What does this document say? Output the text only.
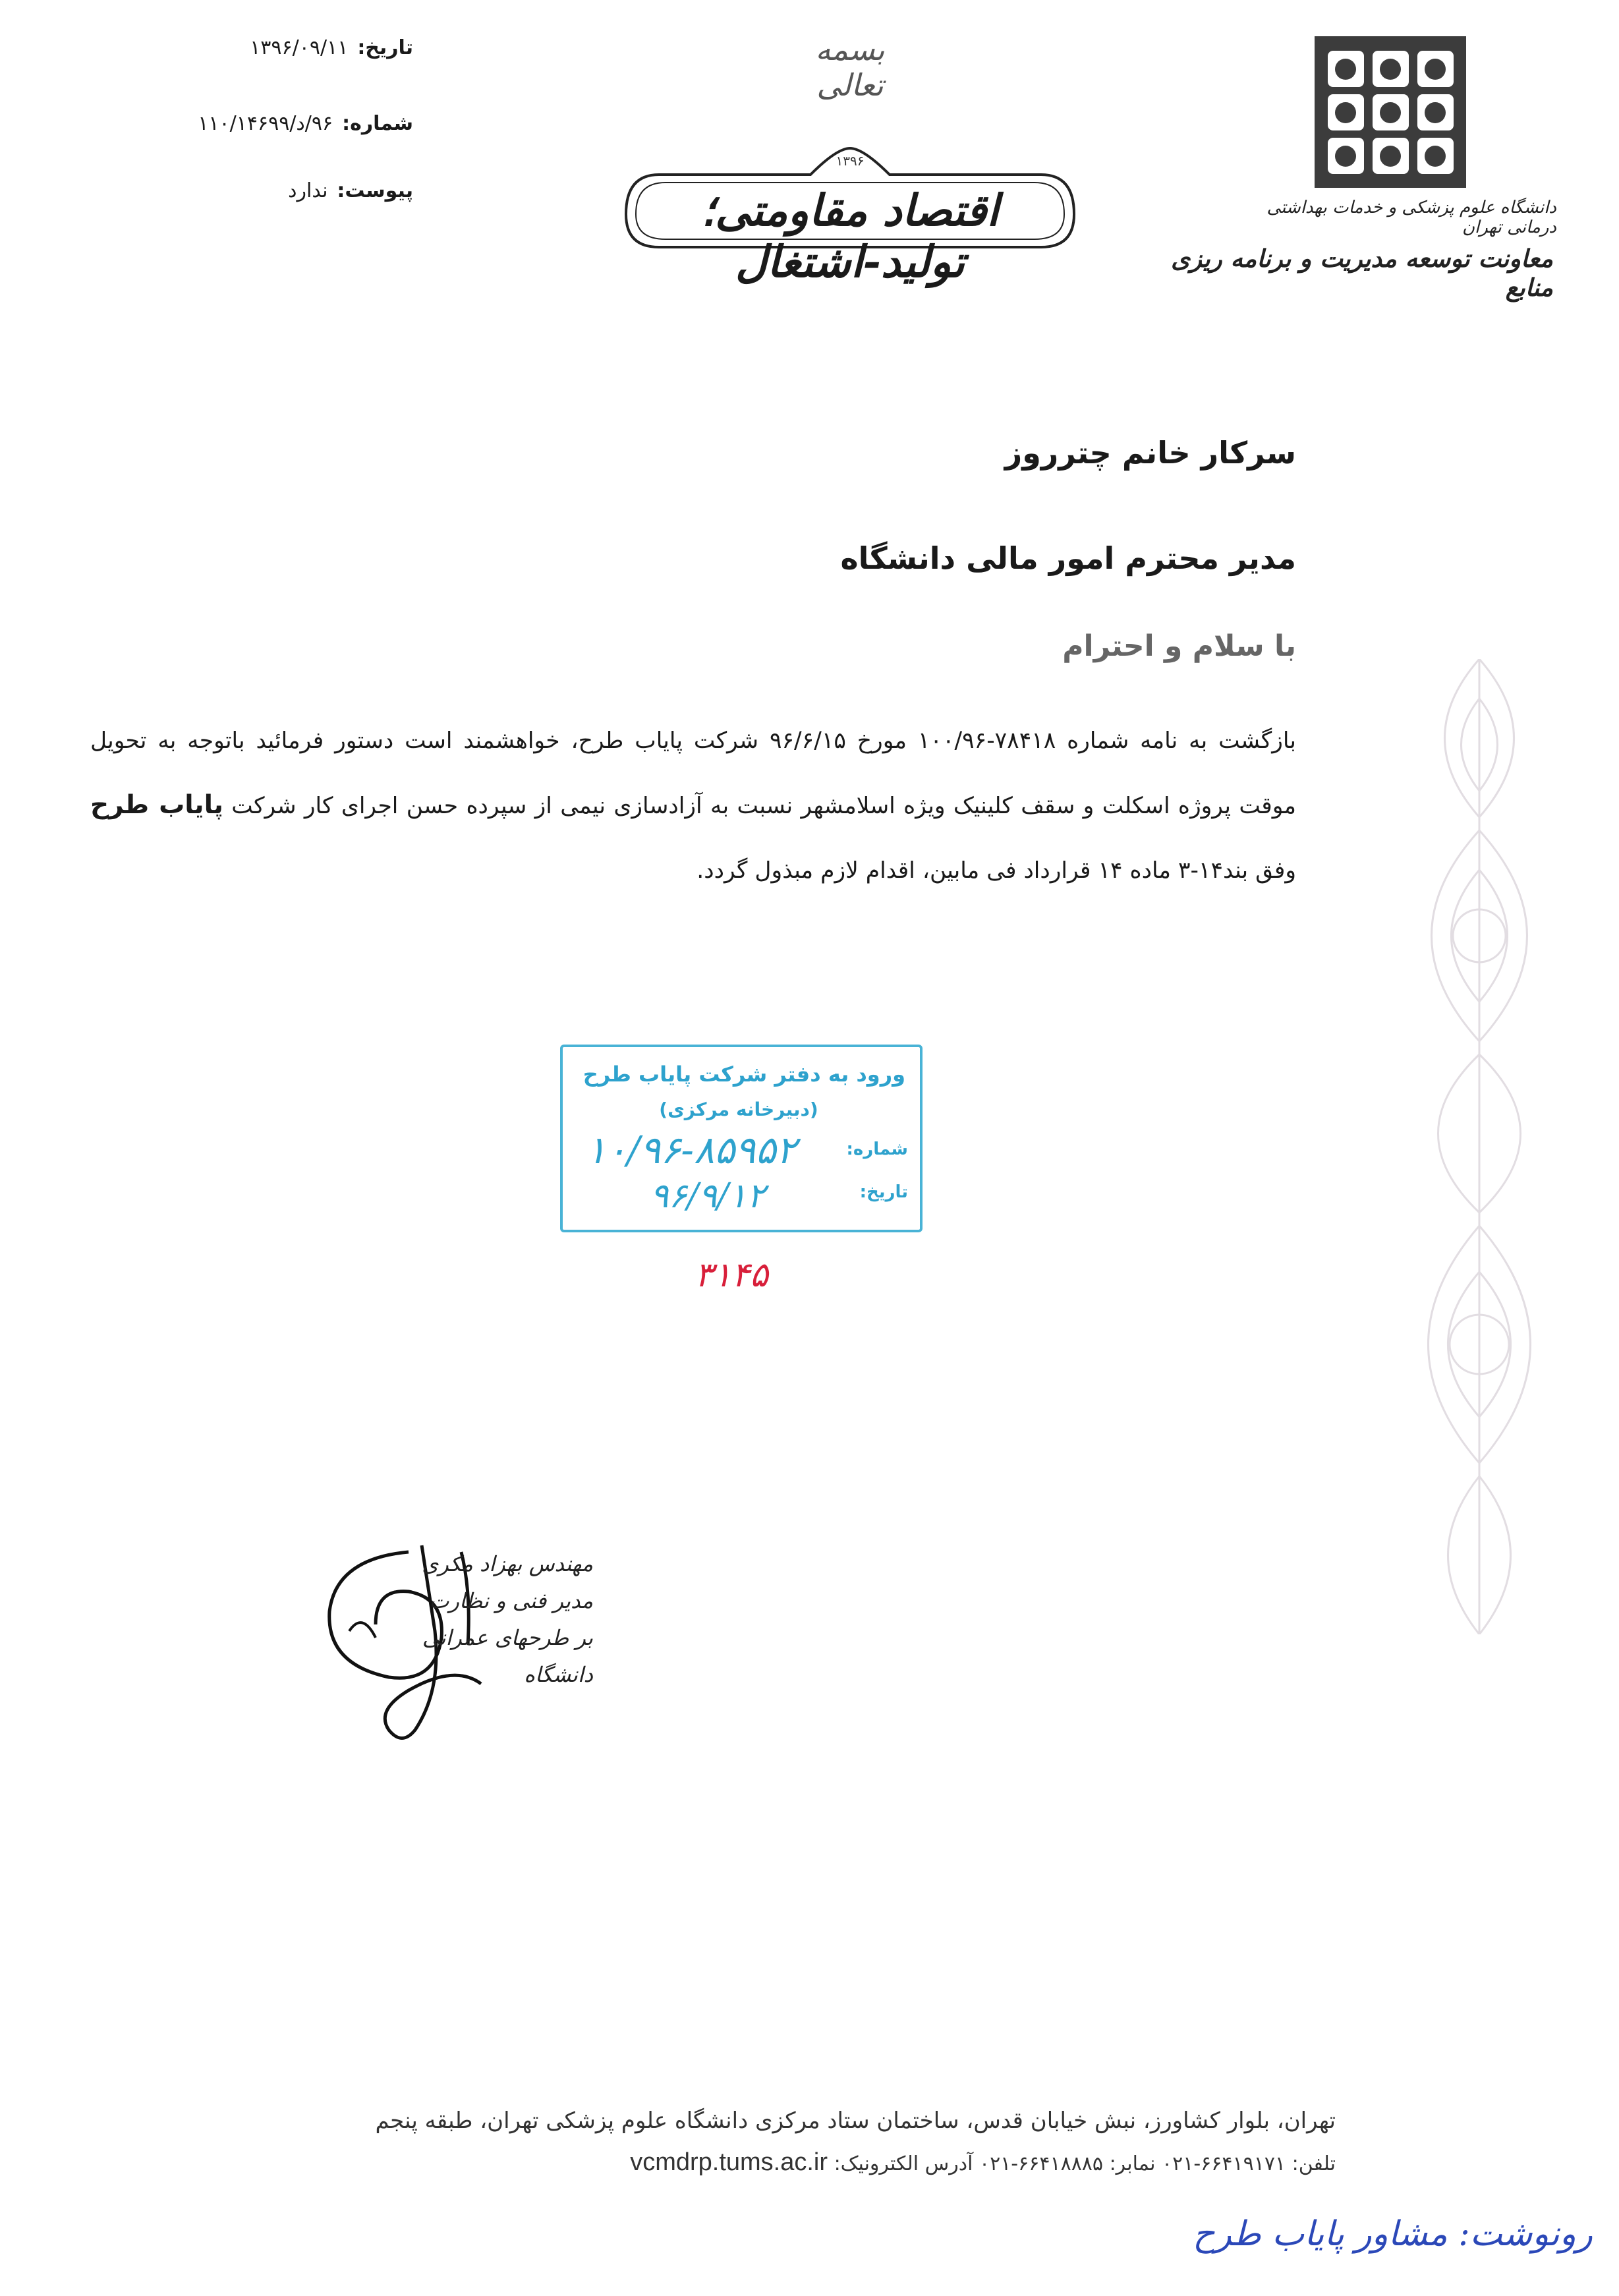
دانشگاه علوم پزشکی و خدمات بهداشتی درمانی تهران
معاونت توسعه مدیریت و برنامه ریزی منابع
بسمه تعالی
۱۳۹۶
اقتصاد مقاومتی؛ تولید-اشتغال
تاریخ:۱۳۹۶/۰۹/۱۱
شماره:۹۶/د/۱۱۰/۱۴۶۹۹
پیوست:ندارد
سرکار خانم چترروز
مدیر محترم امور مالی دانشگاه
با سلام و احترام
بازگشت به نامه شماره ۷۸۴۱۸-۱۰۰/۹۶ مورخ ۹۶/۶/۱۵ شرکت پایاب طرح، خواهشمند است دستور فرمائید باتوجه به تحویل موقت پروژه اسکلت و سقف کلینیک ویژه اسلامشهر نسبت به آزادسازی نیمی از سپرده حسن اجرای کار شرکت پایاب طرح وفق بند۱۴-۳ ماده ۱۴ قرارداد فی مابین، اقدام لازم مبذول گردد.
ورود به دفتر شرکت پایاب طرح
(دبیرخانه مرکزی)
شماره:
تاریخ:
۱۰/۹۶-۸۵۹۵۲
۹۶/۹/۱۲
۳۱۴۵
مهندس بهزاد مکری
مدیر فنی و نظارت
بر طرحهای عمرانی دانشگاه
تهران، بلوار کشاورز، نبش خیابان قدس، ساختمان ستاد مرکزی دانشگاه علوم پزشکی تهران، طبقه پنجم
تلفن: ۶۶۴۱۹۱۷۱-۰۲۱ نمابر: ۶۶۴۱۸۸۸۵-۰۲۱ آدرس الکترونیک: vcmdrp.tums.ac.ir
رونوشت: مشاور پایاب طرح
